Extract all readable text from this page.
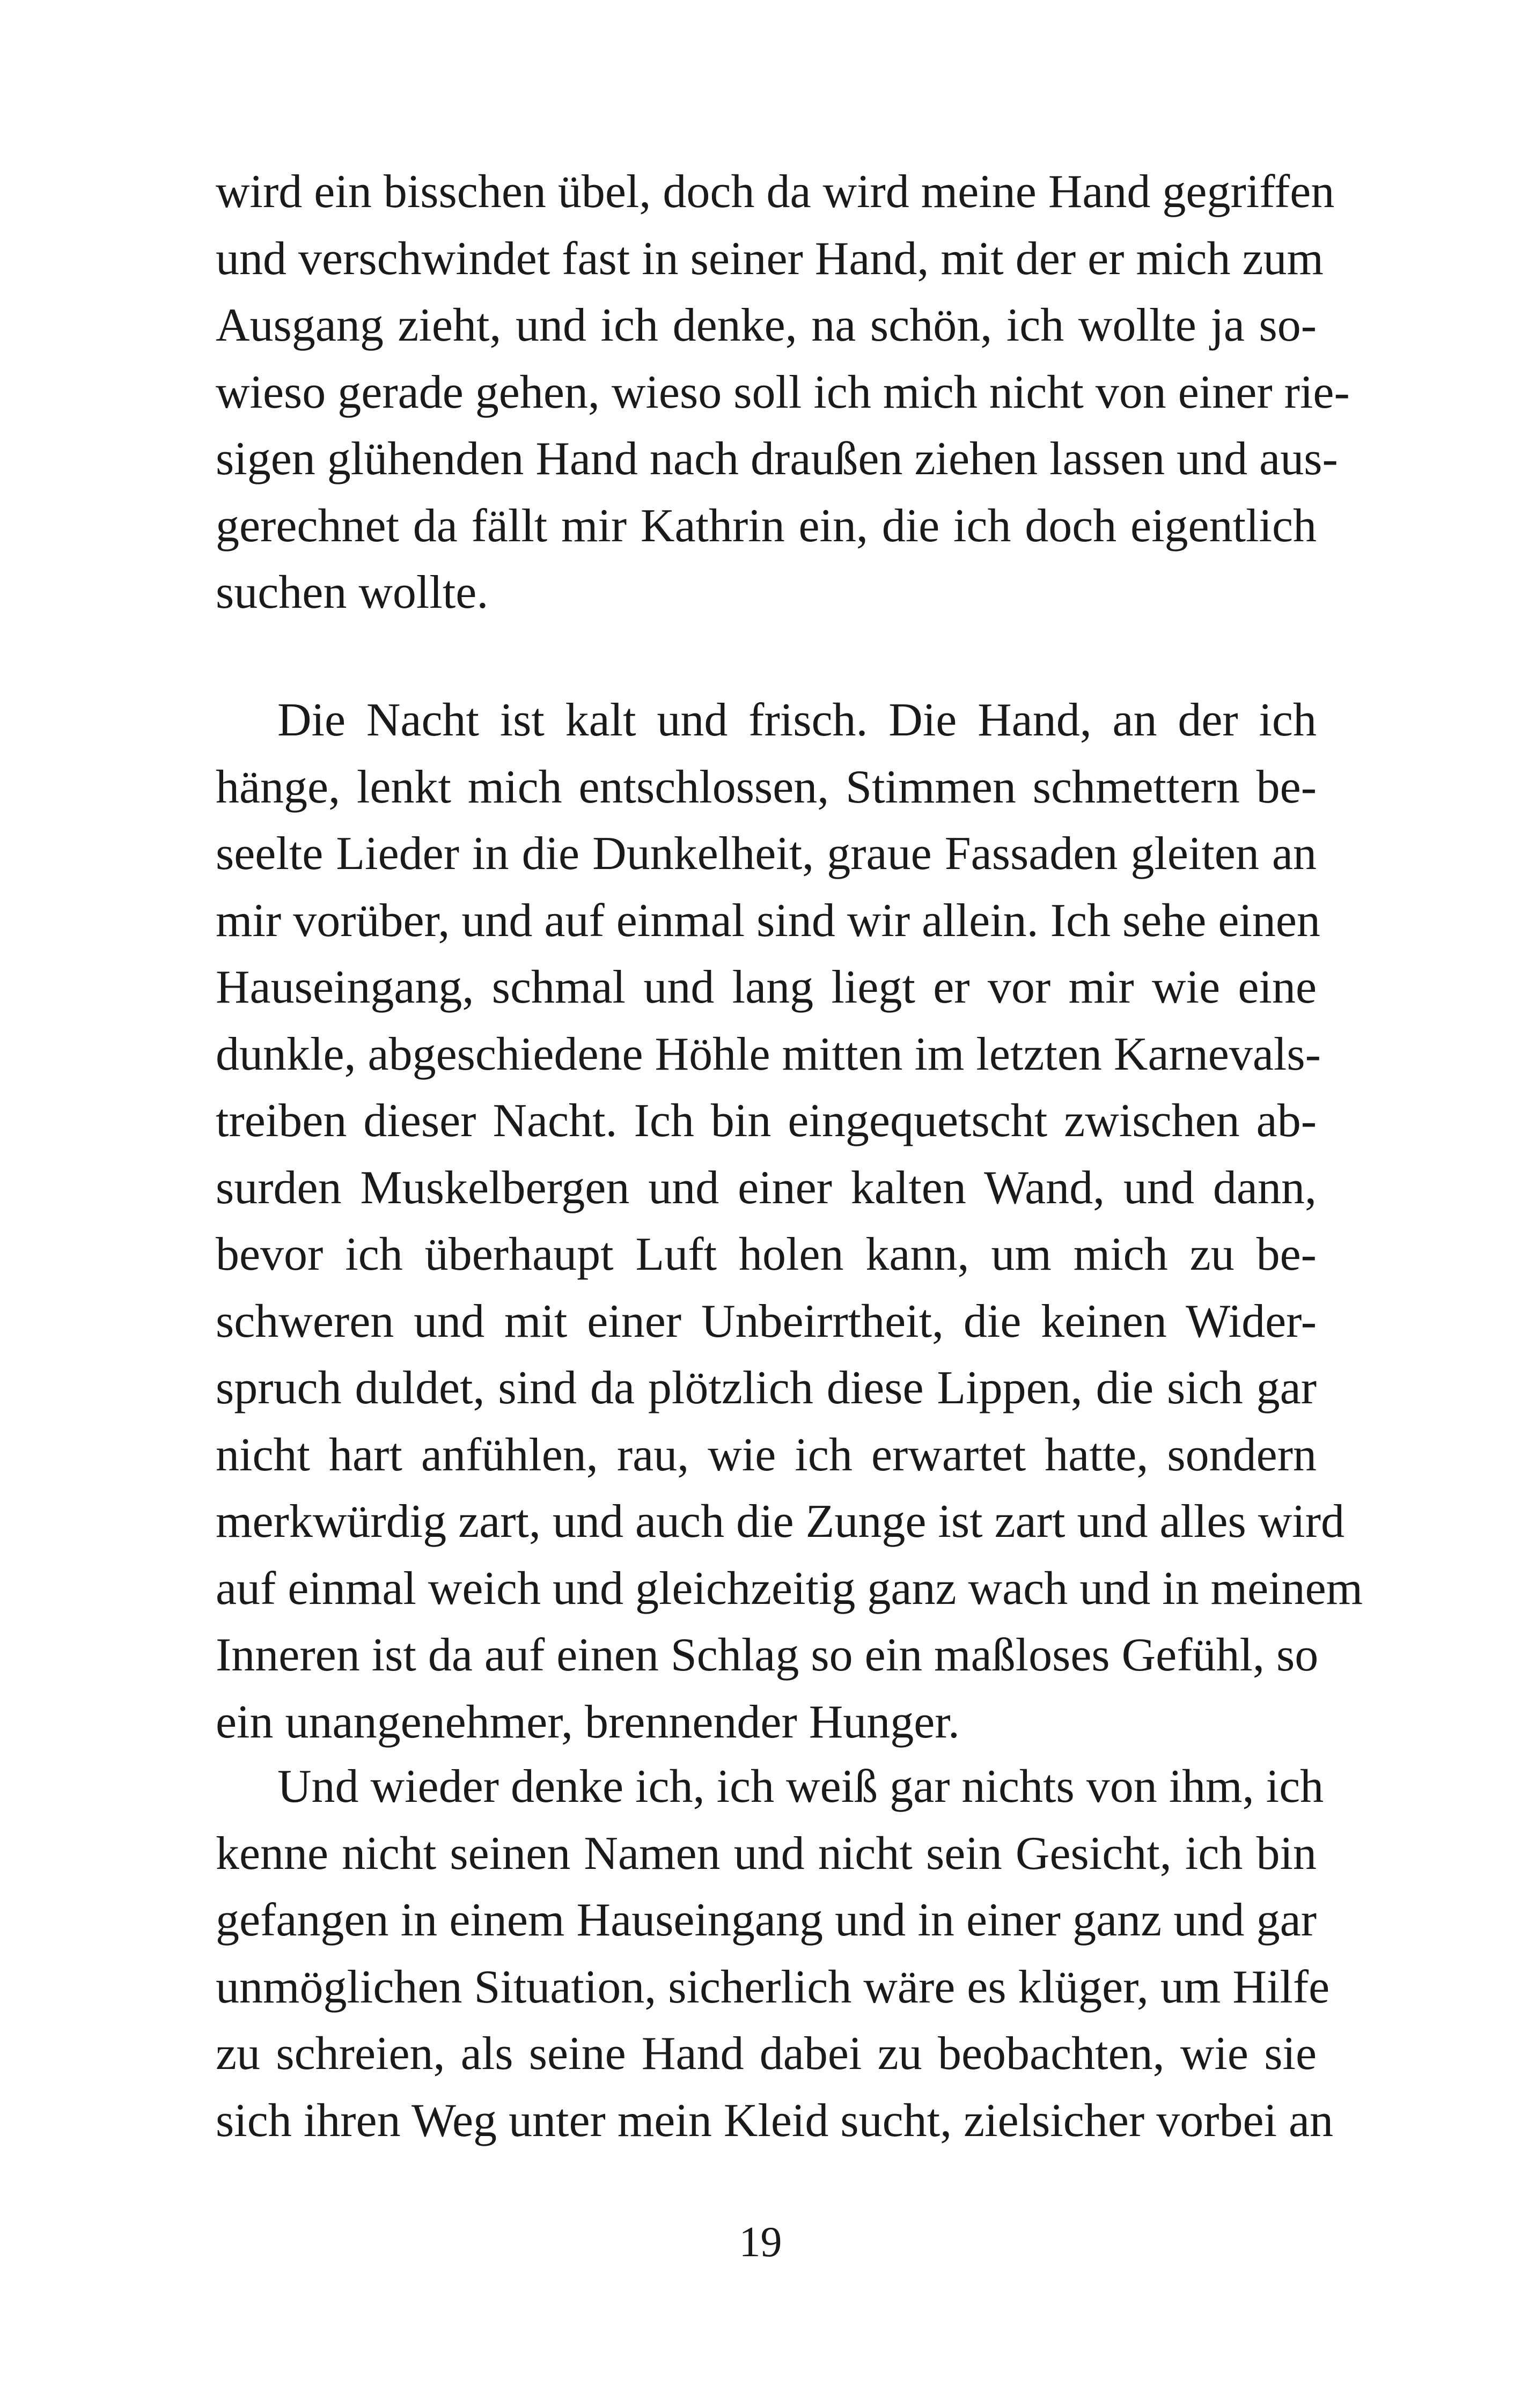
wird ein bisschen übel, doch da wird meine Hand gegriffen
und verschwindet fast in seiner Hand, mit der er mich zum
Ausgang zieht, und ich denke, na schön, ich wollte ja so-
wieso gerade gehen, wieso soll ich mich nicht von einer rie-
sigen glühenden Hand nach draußen ziehen lassen und aus-
gerechnet da fällt mir Kathrin ein, die ich doch eigentlich
suchen wollte.
Die Nacht ist kalt und frisch. Die Hand, an der ich
hänge, lenkt mich entschlossen, Stimmen schmettern be-
seelte Lieder in die Dunkelheit, graue Fassaden gleiten an
mir vorüber, und auf einmal sind wir allein. Ich sehe einen
Hauseingang, schmal und lang liegt er vor mir wie eine
dunkle, abgeschiedene Höhle mitten im letzten Karnevals-
treiben dieser Nacht. Ich bin eingequetscht zwischen ab-
surden Muskelbergen und einer kalten Wand, und dann,
bevor ich überhaupt Luft holen kann, um mich zu be-
schweren und mit einer Unbeirrtheit, die keinen Wider-
spruch duldet, sind da plötzlich diese Lippen, die sich gar
nicht hart anfühlen, rau, wie ich erwartet hatte, sondern
merkwürdig zart, und auch die Zunge ist zart und alles wird
auf einmal weich und gleichzeitig ganz wach und in meinem
Inneren ist da auf einen Schlag so ein maßloses Gefühl, so
ein unangenehmer, brennender Hunger.
Und wieder denke ich, ich weiß gar nichts von ihm, ich
kenne nicht seinen Namen und nicht sein Gesicht, ich bin
gefangen in einem Hauseingang und in einer ganz und gar
unmöglichen Situation, sicherlich wäre es klüger, um Hilfe
zu schreien, als seine Hand dabei zu beobachten, wie sie
sich ihren Weg unter mein Kleid sucht, zielsicher vorbei an
19
